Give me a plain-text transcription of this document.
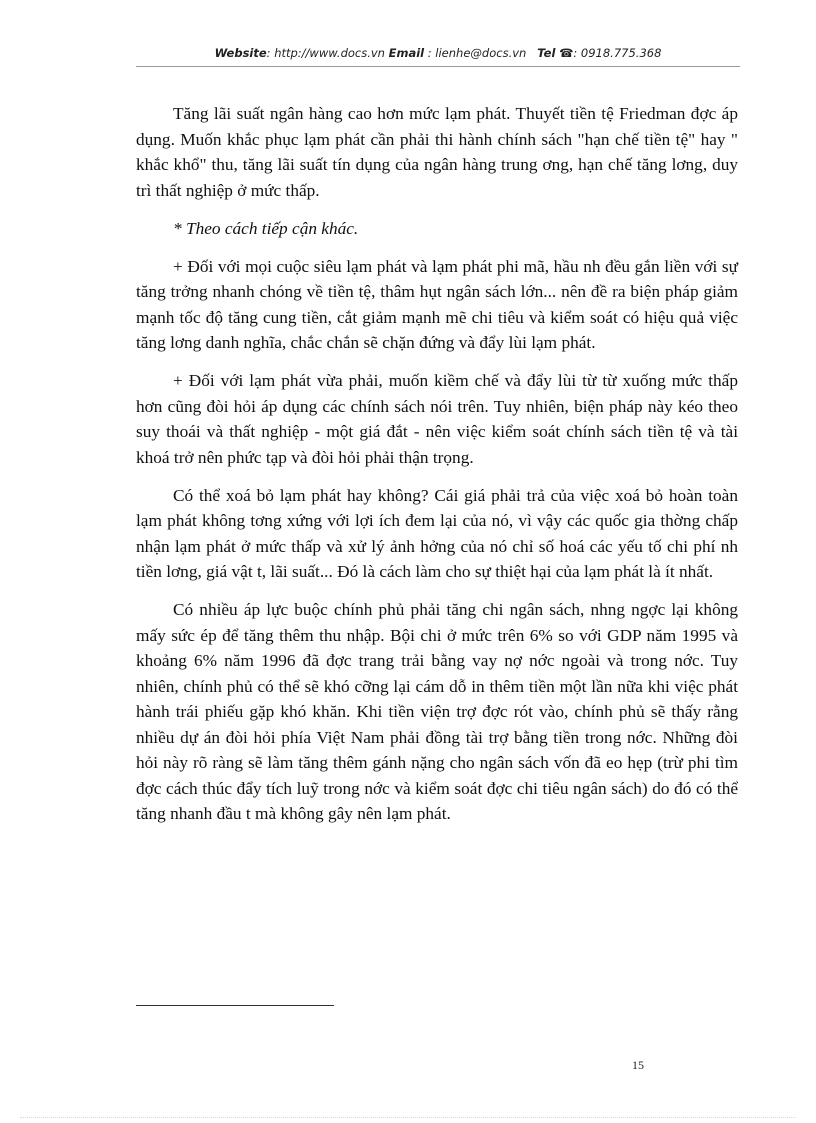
Website: http://www.docs.vn Email : lienhe@docs.vn Tel ☎: 0918.775.368

Tăng lãi suất ngân hàng cao hơn mức lạm phát. Thuyết tiền tệ Friedman đợc áp dụng. Muốn khắc phục lạm phát cần phải thi hành chính sách "hạn chế tiền tệ" hay " khắc khổ" thu, tăng lãi suất tín dụng của ngân hàng trung ơng, hạn chế tăng lơng, duy trì thất nghiệp ở mức thấp.

* Theo cách tiếp cận khác.

+ Đối với mọi cuộc siêu lạm phát và lạm phát phi mã, hầu nh đều gắn liền với sự tăng trởng nhanh chóng về tiền tệ, thâm hụt ngân sách lớn... nên đề ra biện pháp giảm mạnh tốc độ tăng cung tiền, cắt giảm mạnh mẽ chi tiêu và kiểm soát có hiệu quả việc tăng lơng danh nghĩa, chắc chắn sẽ chặn đứng và đẩy lùi lạm phát.

+ Đối với lạm phát vừa phải, muốn kiềm chế và đẩy lùi từ từ xuống mức thấp hơn cũng đòi hỏi áp dụng các chính sách nói trên. Tuy nhiên, biện pháp này kéo theo suy thoái và thất nghiệp - một giá đắt - nên việc kiểm soát chính sách tiền tệ và tài khoá trở nên phức tạp và đòi hỏi phải thận trọng.

Có thể xoá bỏ lạm phát hay không? Cái giá phải trả của việc xoá bỏ hoàn toàn lạm phát không tơng xứng với lợi ích đem lại của nó, vì vậy các quốc gia thờng chấp nhận lạm phát ở mức thấp và xử lý ảnh hởng của nó chỉ số hoá các yếu tố chi phí nh tiền lơng, giá vật t, lãi suất... Đó là cách làm cho sự thiệt hại của lạm phát là ít nhất.

Có nhiều áp lực buộc chính phủ phải tăng chi ngân sách, nhng ngợc lại không mấy sức ép để tăng thêm thu nhập. Bội chi ở mức trên 6% so với GDP năm 1995 và khoảng 6% năm 1996 đã đợc trang trải bằng vay nợ nớc ngoài và trong nớc. Tuy nhiên, chính phủ có thể sẽ khó cỡng lại cám dỗ in thêm tiền một lần nữa khi việc phát hành trái phiếu gặp khó khăn. Khi tiền viện trợ đợc rót vào, chính phủ sẽ thấy rằng nhiều dự án đòi hỏi phía Việt Nam phải đồng tài trợ bằng tiền trong nớc. Những đòi hỏi này rõ ràng sẽ làm tăng thêm gánh nặng cho ngân sách vốn đã eo hẹp (trừ phi tìm đợc cách thúc đẩy tích luỹ trong nớc và kiểm soát đợc chi tiêu ngân sách) do đó có thể tăng nhanh đầu t mà không gây nên lạm phát.

15
